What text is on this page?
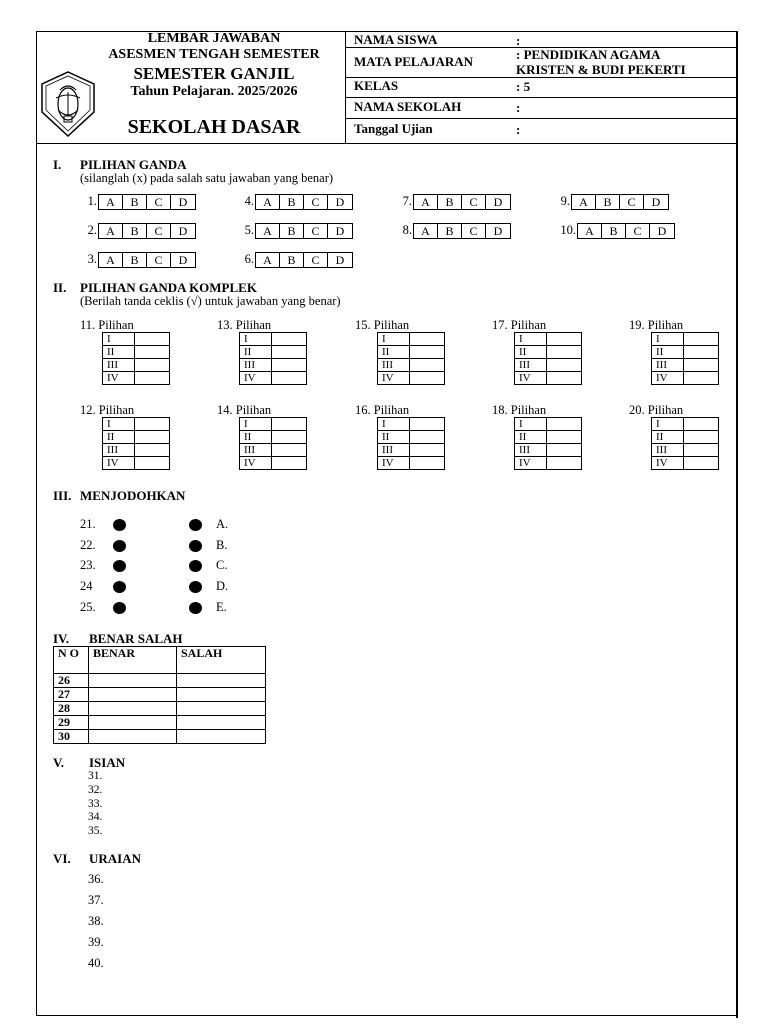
LEMBAR JAWABAN
ASESMEN TENGAH SEMESTER
SEMESTER GANJIL
Tahun Pelajaran. 2025/2026
SEKOLAH DASAR
NAMA SISWA	:
MATA PELAJARAN	: PENDIDIKAN AGAMA
KRISTEN & BUDI PEKERTI
KELAS	: 5
NAMA SEKOLAH	:
Tanggal Ujian	:
I. PILIHAN GANDA
(silanglah (x) pada salah satu jawaban yang benar)
1. A	B	C	D
2. A	B	C	D
3. A	B	C	D
4. A	B	C	D
5. A	B	C	D
6. A	B	C	D
7. A	B	C	D
8. A	B	C	D
9. A	B	C	D
10. A	B	C	D
II. PILIHAN GANDA KOMPLEK
(Berilah tanda ceklis (√) untuk jawaban yang benar)
11. Pilihan
I	
II	
III	
IV	
13. Pilihan
I	
II	
III	
IV	
15. Pilihan
I	
II	
III	
IV	
17. Pilihan
I	
II	
III	
IV	
19. Pilihan
I	
II	
III	
IV	
12. Pilihan
I	
II	
III	
IV	
14. Pilihan
I	
II	
III	
IV	
16. Pilihan
I	
II	
III	
IV	
18. Pilihan
I	
II	
III	
IV	
20. Pilihan
I	
II	
III	
IV	
III. MENJODOHKAN
21.	A.
22.	B.
23.	C.
24	D.
25.	E.
IV. BENAR SALAH
N O	BENAR	SALAH
26		
27		
28		
29		
30		
V. ISIAN
31.
32.
33.
34.
35.
VI. URAIAN
36.
37.
38.
39.
40.
